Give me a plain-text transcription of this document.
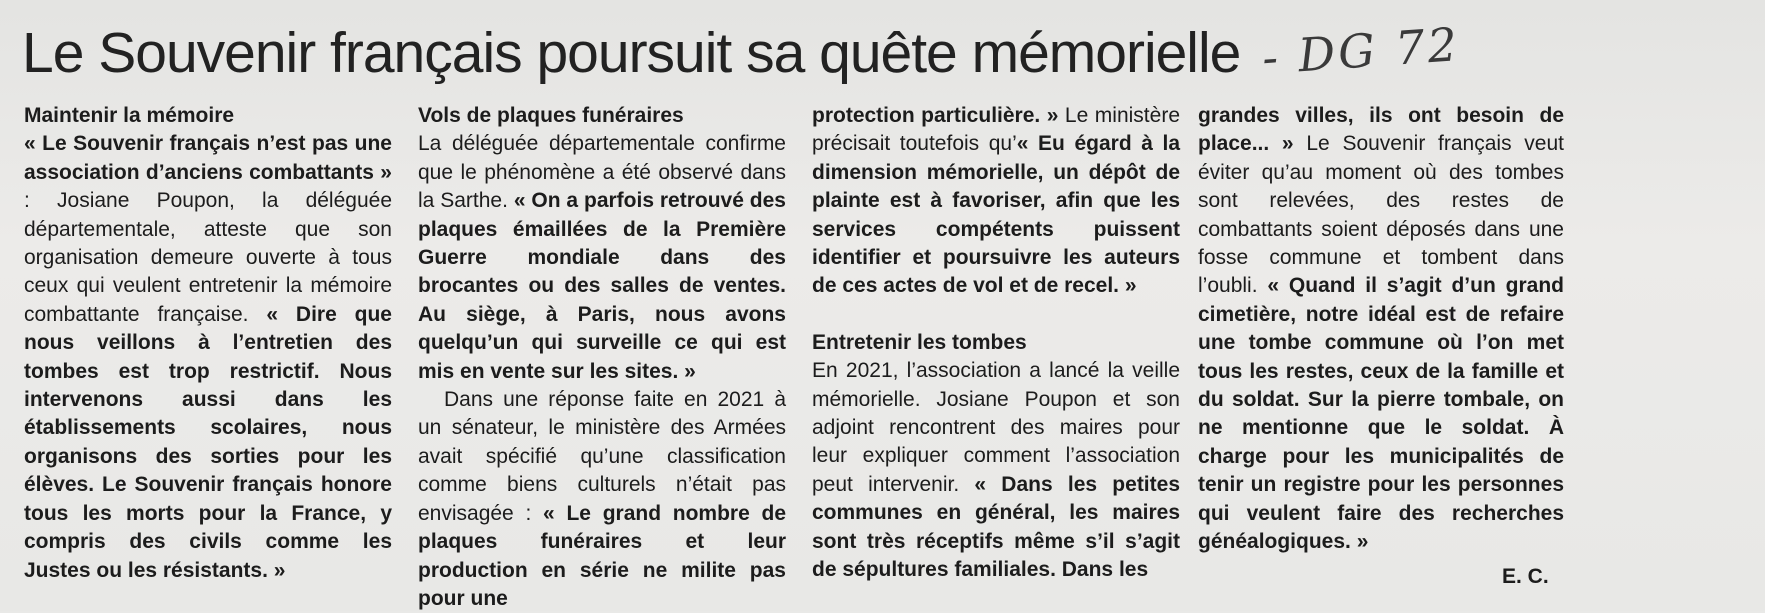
Le Souvenir français poursuit sa quête mémorielle - DG 72

Maintenir la mémoire

« Le Souvenir français n’est pas une association d’anciens combattants » : Josiane Poupon, la déléguée départementale, atteste que son organisation demeure ouverte à tous ceux qui veulent entretenir la mémoire combattante française. « Dire que nous veillons à l’entretien des tombes est trop restrictif. Nous intervenons aussi dans les établissements scolaires, nous organisons des sorties pour les élèves. Le Souvenir français honore tous les morts pour la France, y compris des civils comme les Justes ou les résistants. »

Vols de plaques funéraires

La déléguée départementale confirme que le phénomène a été observé dans la Sarthe. « On a parfois retrouvé des plaques émaillées de la Première Guerre mondiale dans des brocantes ou des salles de ventes. Au siège, à Paris, nous avons quelqu’un qui surveille ce qui est mis en vente sur les sites. »

Dans une réponse faite en 2021 à un sénateur, le ministère des Armées avait spécifié qu’une classification comme biens culturels n’était pas envisagée : « Le grand nombre de plaques funéraires et leur production en série ne milite pas pour une

protection particulière. » Le ministère précisait toutefois qu’« Eu égard à la dimension mémorielle, un dépôt de plainte est à favoriser, afin que les services compétents puissent identifier et poursuivre les auteurs de ces actes de vol et de recel. »

Entretenir les tombes

En 2021, l’association a lancé la veille mémorielle. Josiane Poupon et son adjoint rencontrent des maires pour leur expliquer comment l’association peut intervenir. « Dans les petites communes en général, les maires sont très réceptifs même s’il s’agit de sépultures familiales. Dans les

grandes villes, ils ont besoin de place... » Le Souvenir français veut éviter qu’au moment où des tombes sont relevées, des restes de combattants soient déposés dans une fosse commune et tombent dans l’oubli. « Quand il s’agit d’un grand cimetière, notre idéal est de refaire une tombe commune où l’on met tous les restes, ceux de la famille et du soldat. Sur la pierre tombale, on ne mentionne que le soldat. À charge pour les municipalités de tenir un registre pour les personnes qui veulent faire des recherches généalogiques. »

E. C.
